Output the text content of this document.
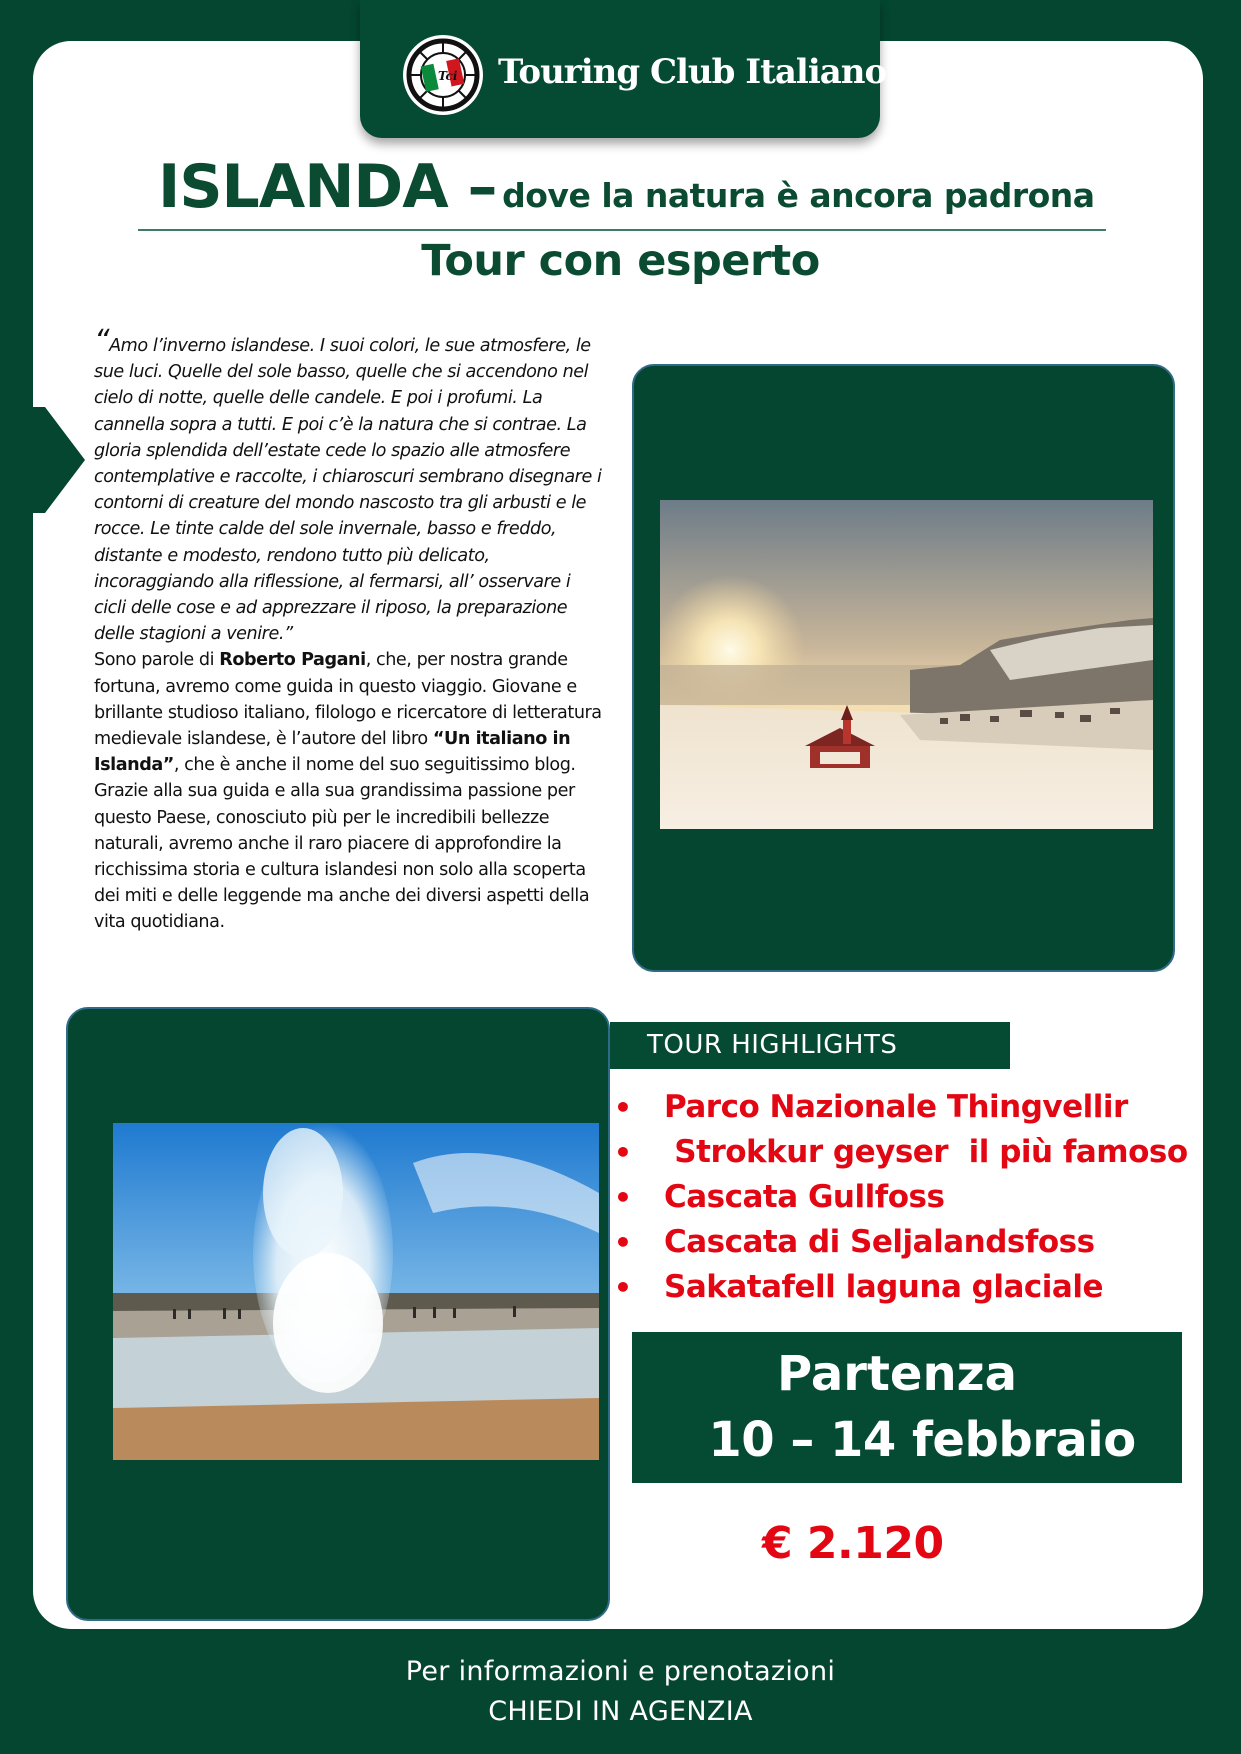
Tci Touring Club Italiano
ISLANDA – dove la natura è ancora padrona
Tour con esperto
“Amo l’inverno islandese. I suoi colori, le sue atmosfere, le sue luci. Quelle del sole basso, quelle che si accendono nel cielo di notte, quelle delle candele. E poi i profumi. La cannella sopra a tutti. E poi c’è la natura che si contrae. La gloria splendida dell’estate cede lo spazio alle atmosfere contemplative e raccolte, i chiaroscuri sembrano disegnare i contorni di creature del mondo nascosto tra gli arbusti e le rocce. Le tinte calde del sole invernale, basso e freddo, distante e modesto, rendono tutto più delicato, incoraggiando alla riflessione, al fermarsi, all’ osservare i cicli delle cose e ad apprezzare il riposo, la preparazione delle stagioni a venire.”
Sono parole di Roberto Pagani, che, per nostra grande fortuna, avremo come guida in questo viaggio. Giovane e brillante studioso italiano, filologo e ricercatore di letteratura medievale islandese, è l’autore del libro “Un italiano in Islanda”, che è anche il nome del suo seguitissimo blog.
Grazie alla sua guida e alla sua grandissima passione per questo Paese, conosciuto più per le incredibili bellezze naturali, avremo anche il raro piacere di approfondire la ricchissima storia e cultura islandesi non solo alla scoperta dei miti e delle leggende ma anche dei diversi aspetti della vita quotidiana.
TOUR HIGHLIGHTS
• Parco Nazionale Thingvellir
• Strokkur geyser  il più famoso
• Cascata Gullfoss
• Cascata di Seljalandsfoss
• Sakatafell laguna glaciale
Partenza
10 – 14 febbraio
€ 2.120
Per informazioni e prenotazioni
CHIEDI IN AGENZIA
